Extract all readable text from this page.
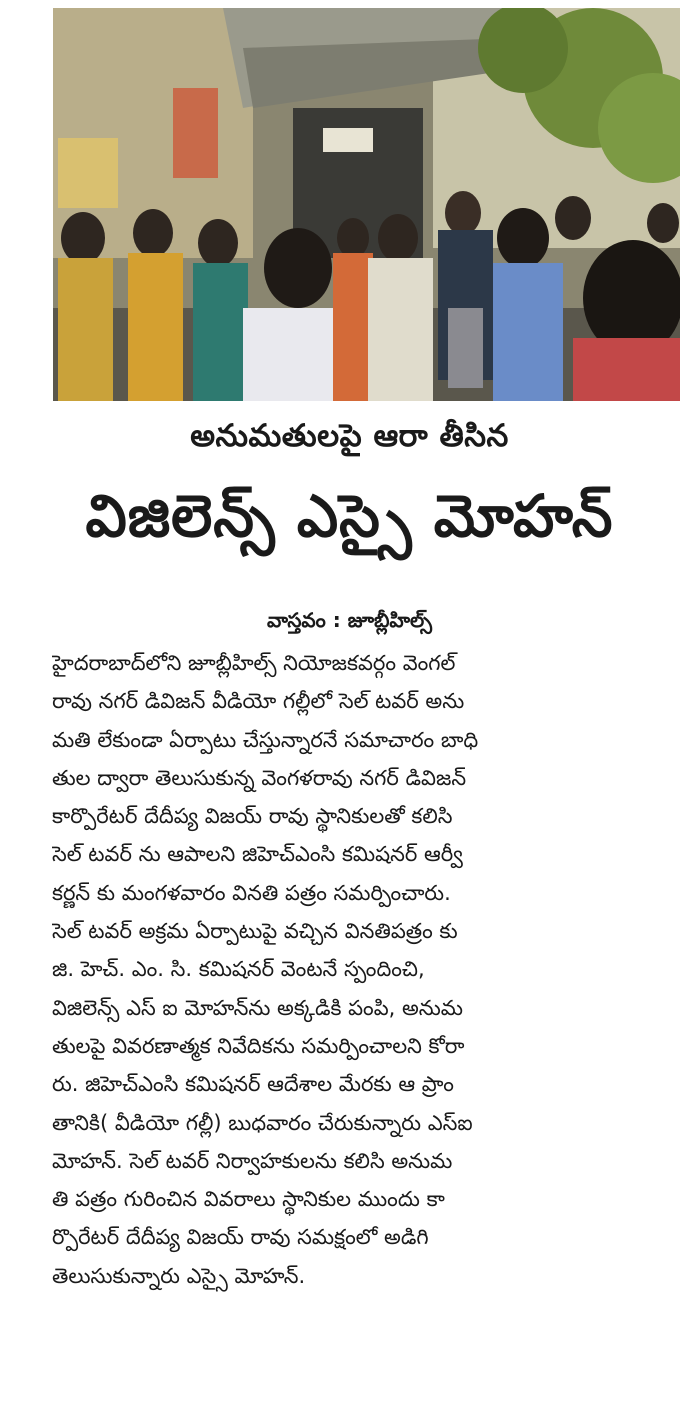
అనుమతులపై ఆరా తీసిన
విజిలెన్స్ ఎస్సై మోహన్
వాస్తవం : జూబ్లీహిల్స్
హైదరాబాద్‌లోని జూబ్లీహిల్స్ నియోజకవర్గం వెంగల్
రావు నగర్ డివిజన్ వీడియో గల్లీలో సెల్ టవర్ అను
మతి లేకుండా ఏర్పాటు చేస్తున్నారనే సమాచారం బాధి
తుల ద్వారా తెలుసుకున్న వెంగళరావు నగర్ డివిజన్
కార్పొరేటర్ దేదీప్య విజయ్ రావు స్థానికులతో కలిసి
సెల్ టవర్ ను ఆపాలని జిహెచ్ఎంసి కమిషనర్ ఆర్వీ
కర్ణన్ కు మంగళవారం వినతి పత్రం సమర్పించారు.
సెల్ టవర్ అక్రమ ఏర్పాటుపై వచ్చిన వినతిపత్రం కు
జి. హెచ్. ఎం. సి. కమిషనర్ వెంటనే స్పందించి,
విజిలెన్స్ ఎస్ ఐ మోహన్‌ను అక్కడికి పంపి, అనుమ
తులపై వివరణాత్మక నివేదికను సమర్పించాలని కోరా
రు. జిహెచ్ఎంసి కమిషనర్ ఆదేశాల మేరకు ఆ ప్రాం
తానికి( వీడియో గల్లీ) బుధవారం చేరుకున్నారు ఎస్ఐ
మోహన్. సెల్ టవర్ నిర్వాహకులను కలిసి అనుమ
తి పత్రం గురించిన వివరాలు స్థానికుల ముందు కా
ర్పొరేటర్ దేదీప్య విజయ్ రావు సమక్షంలో అడిగి
తెలుసుకున్నారు ఎస్సై మోహన్.
